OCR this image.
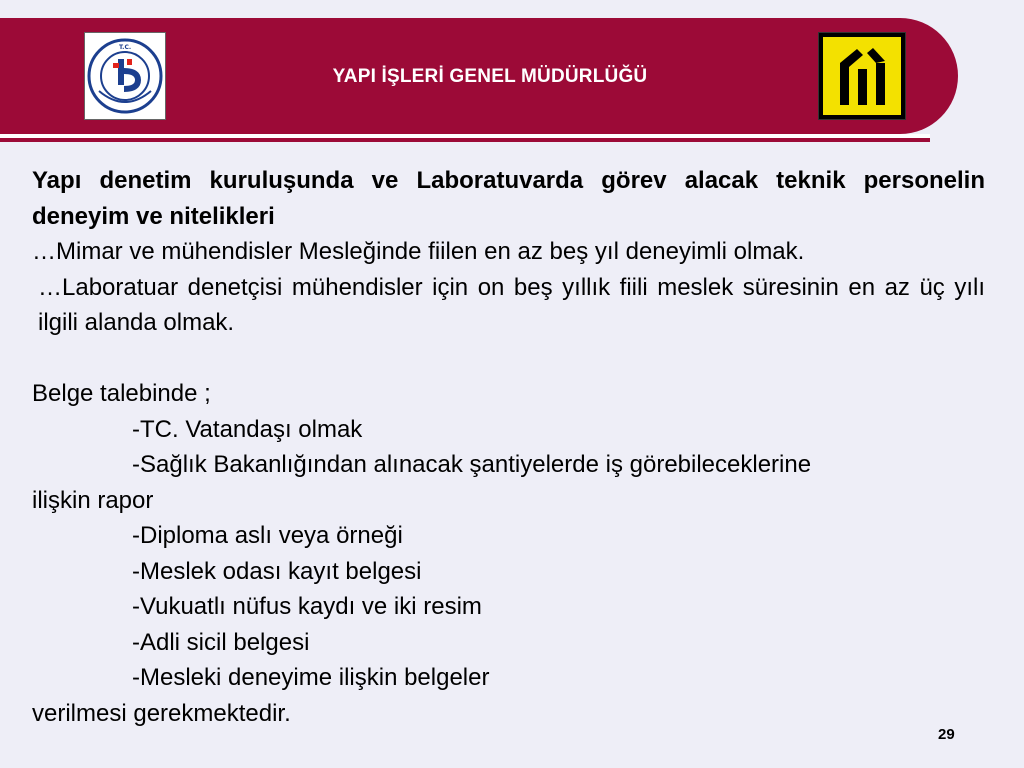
T.C.
YAPI İŞLERİ GENEL MÜDÜRLÜĞÜ

Yapı denetim kuruluşunda ve Laboratuvarda görev alacak teknik personelin deneyim ve nitelikleri

…Mimar ve mühendisler Mesleğinde fiilen en az beş yıl deneyimli olmak.

…Laboratuar denetçisi mühendisler için on beş yıllık fiili meslek süresinin en az üç yılı ilgili alanda olmak.

Belge talebinde ;

-TC. Vatandaşı olmak

-Sağlık Bakanlığından alınacak şantiyelerde iş görebileceklerine

ilişkin rapor

-Diploma aslı veya örneği

-Meslek odası kayıt belgesi

-Vukuatlı nüfus kaydı ve iki resim

-Adli sicil belgesi

-Mesleki deneyime ilişkin belgeler

verilmesi gerekmektedir.

29
